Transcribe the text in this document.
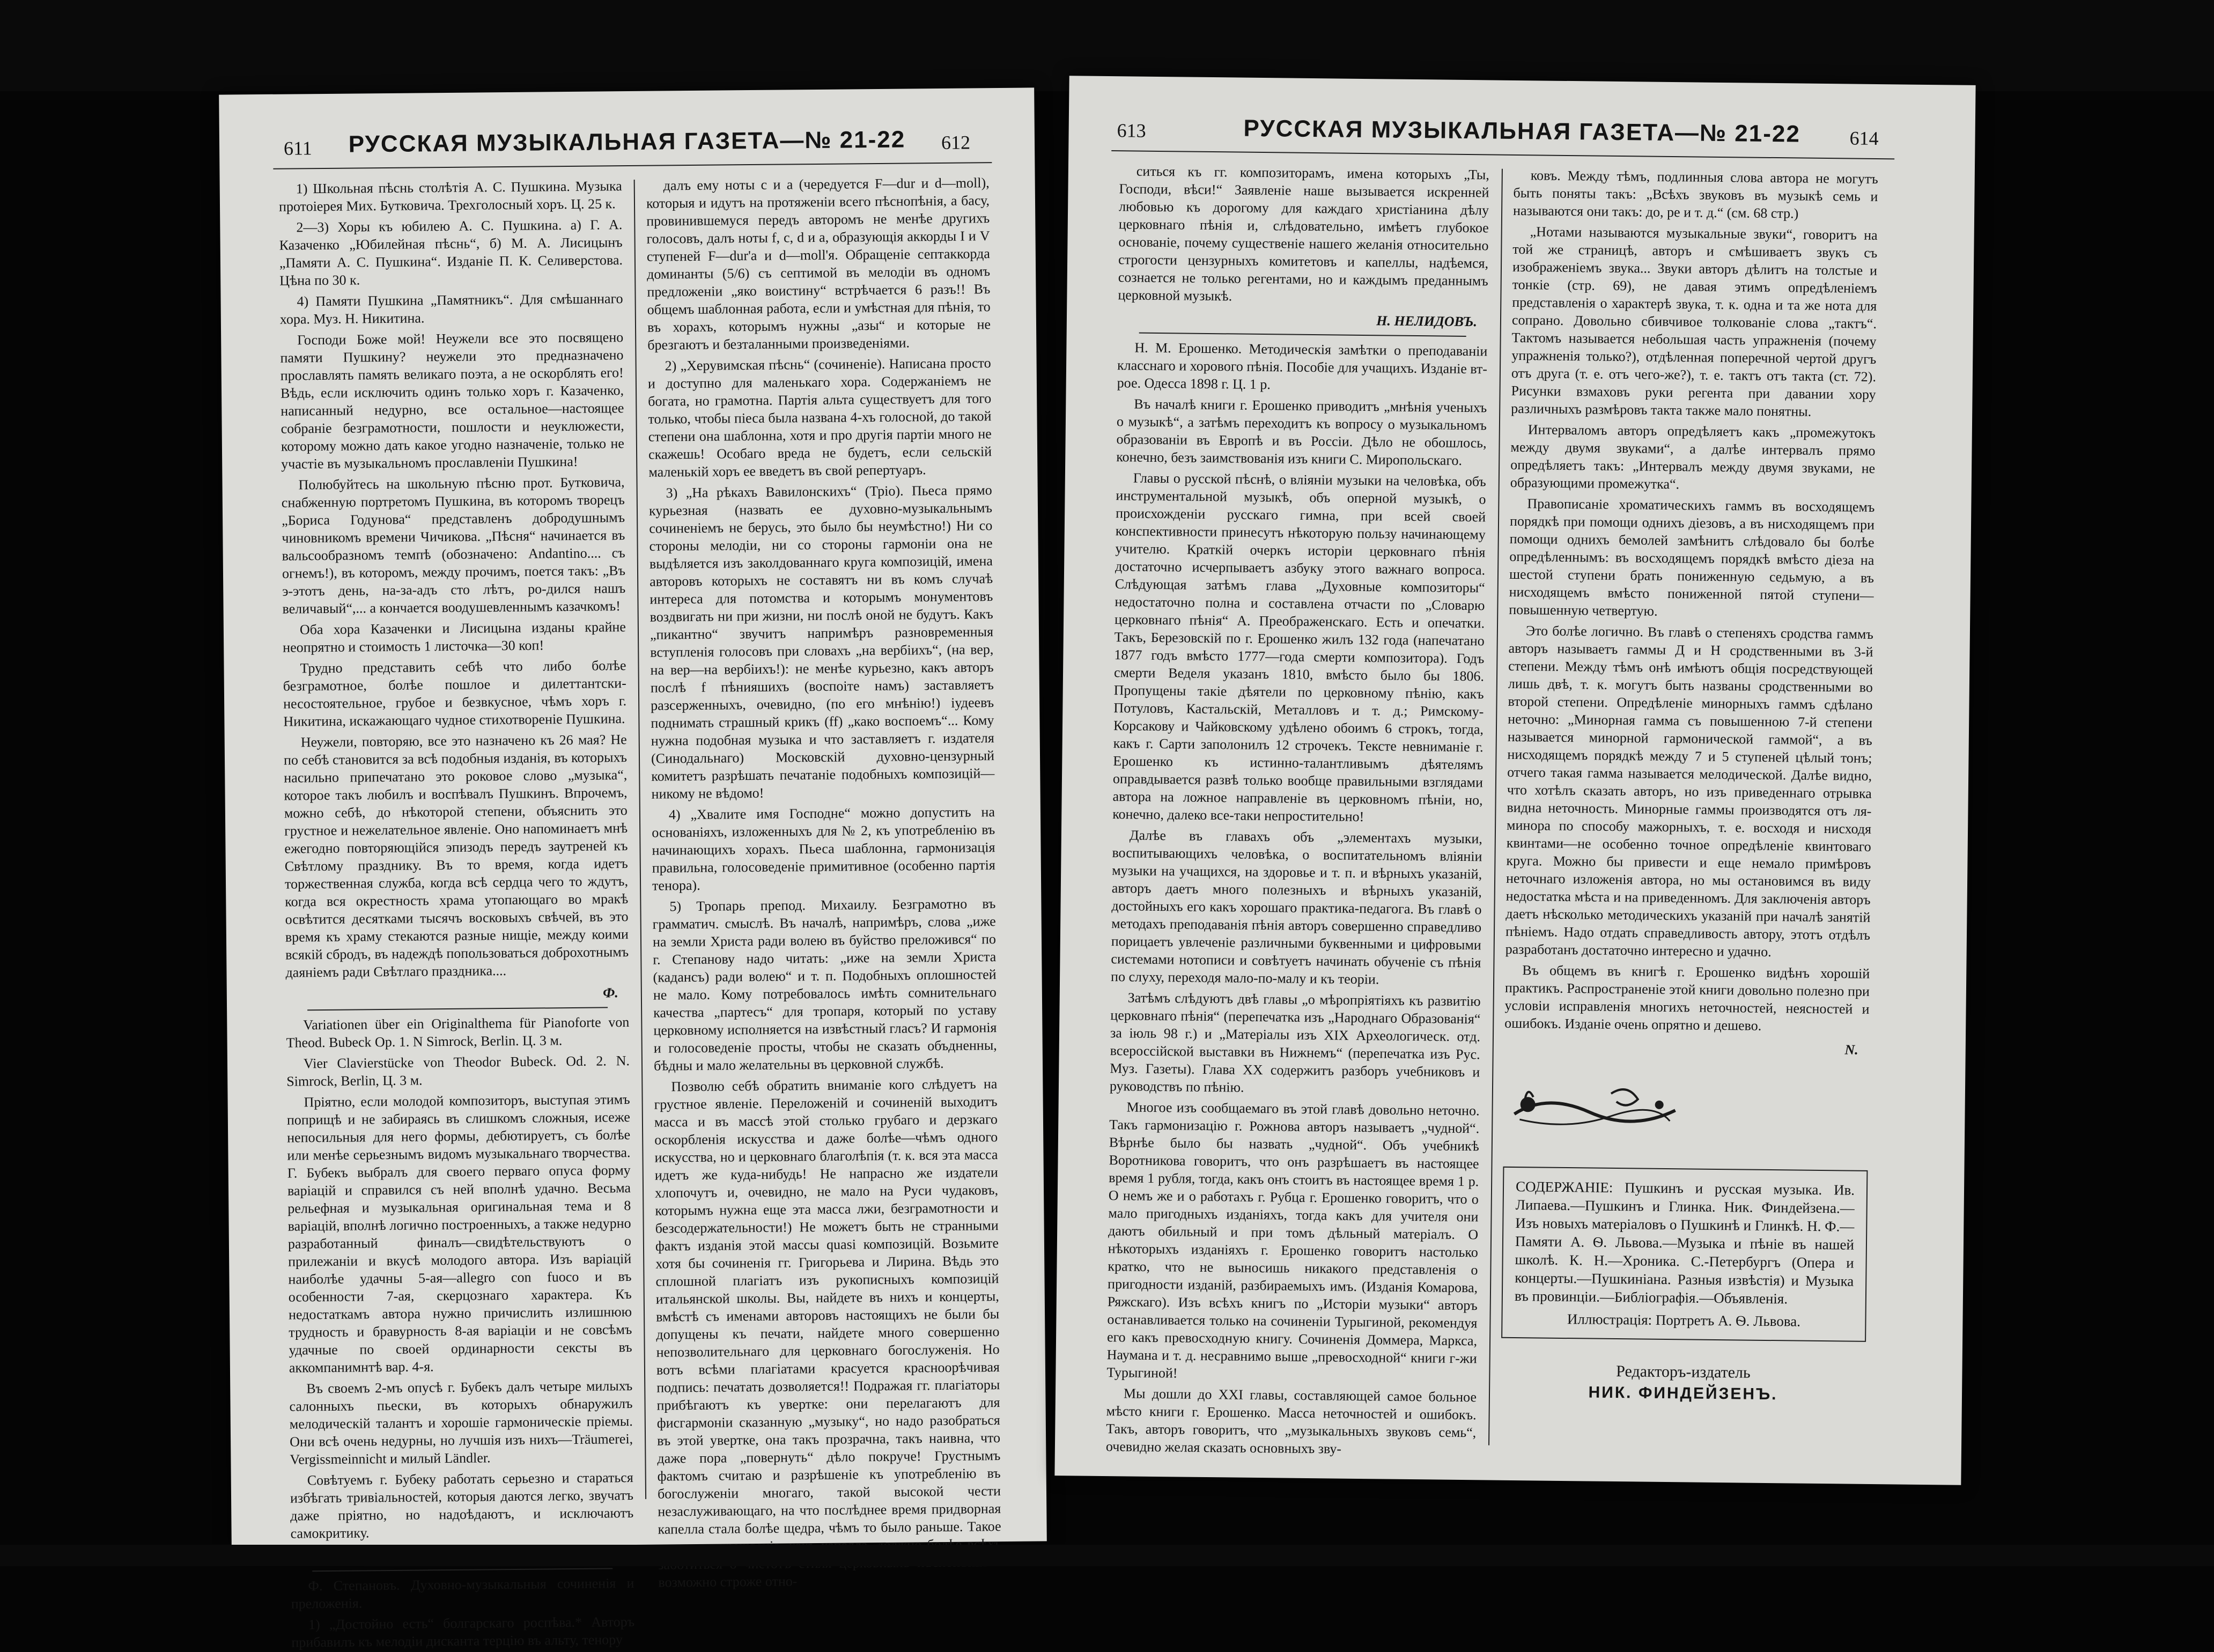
611	РУССКАЯ МУЗЫКАЛЬНАЯ ГАЗЕТА—№ 21-22	612

1) Школьная пѣснь столѣтія А. С. Пушкина. Музыка протоіерея Мих. Бутковича. Трехголосный хоръ. Ц. 25 к.

2—3) Хоры къ юбилею А. С. Пушкина. а) Г. А. Казаченко „Юбилейная пѣснь“, б) М. А. Лисицынъ „Памяти А. С. Пушкина“. Изданіе П. К. Селиверстова. Цѣна по 30 к.

4) Памяти Пушкина „Памятникъ“. Для смѣшаннаго хора. Муз. Н. Никитина.

Господи Боже мой! Неужели все это посвящено памяти Пушкину? неужели это предназначено прославлять память великаго поэта, а не оскорблять его! Вѣдь, если исключить одинъ только хоръ г. Казаченко, написанный недурно, все остальное—настоящее собраніе безграмотности, пошлости и неуклюжести, которому можно дать какое угодно назначеніе, только не участіе въ музыкальномъ прославленіи Пушкина!

Полюбуйтесь на школьную пѣсню прот. Бутковича, снабженную портретомъ Пушкина, въ которомъ творецъ „Бориса Годунова“ представленъ добродушнымъ чиновникомъ времени Чичикова. „Пѣсня“ начинается въ вальсообразномъ темпѣ (обозначено: Andantino.... съ огнемъ!), въ которомъ, между прочимъ, поется такъ: „Въ э-этотъ день, на-за-адъ сто лѣтъ, ро-дился нашъ величавый“,... а кончается воодушевленнымъ казачкомъ!

Оба хора Казаченки и Лисицына изданы крайне неопрятно и стоимость 1 листочка—30 коп!

Трудно представить себѣ что либо болѣе безграмотное, болѣе пошлое и дилеттантски-несостоятельное, грубое и безвкусное, чѣмъ хоръ г. Никитина, искажающаго чудное стихотвореніе Пушкина.

Неужели, повторяю, все это назначено къ 26 мая? Не по себѣ становится за всѣ подобныя изданія, въ которыхъ насильно припечатано это роковое слово „музыка“, которое такъ любилъ и воспѣвалъ Пушкинъ. Впрочемъ, можно себѣ, до нѣкоторой степени, объяснить это грустное и нежелательное явленіе. Оно напоминаетъ мнѣ ежегодно повторяющійся эпизодъ передъ заутреней къ Свѣтлому празднику. Въ то время, когда идетъ торжественная служба, когда всѣ сердца чего то ждутъ, когда вся окрестность храма утопающаго во мракѣ освѣтится десятками тысячъ восковыхъ свѣчей, въ это время къ храму стекаются разные нищіе, между коими всякій сбродъ, въ надеждѣ попользоваться доброхотнымъ даяніемъ ради Свѣтлаго праздника....

Ф.

Variationen über ein Originalthema für Pianoforte von Theod. Bubeck Op. 1. N Simrock, Berlin. Ц. 3 м.

Vier Clavierstücke von Theodor Bubeck. Od. 2. N. Simrock, Berlin, Ц. 3 м.

Пріятно, если молодой композиторъ, выступая этимъ поприщѣ и не забираясь въ слишкомъ сложныя, исеже непосильныя для него формы, дебютируетъ, съ болѣе или менѣе серьезнымъ видомъ музыкальнаго творчества. Г. Бубекъ выбралъ для своего перваго опуса форму варіацій и справился съ ней вполнѣ удачно. Весьма рельефная и музыкальная оригинальная тема и 8 варіацій, вполнѣ логично построенныхъ, а также недурно разработанный финалъ—свидѣтельствуютъ о прилежаніи и вкусѣ молодого автора. Изъ варіацій наиболѣе удачны 5-ая—allegro con fuoco и въ особенности 7-ая, скерцознаго характера. Къ недостаткамъ автора нужно причислить излишнюю трудность и бравурность 8-ая варіаціи и не совсѣмъ удачные по своей ординарности сексты въ аккомпанимнтѣ вар. 4-я.

Въ своемъ 2-мъ опусѣ г. Бубекъ далъ четыре милыхъ салонныхъ пьески, въ которыхъ обнаружилъ мелодическій талантъ и хорошіе гармоническіе пріемы. Они всѣ очень недурны, но лучшія изъ нихъ—Träumerei, Vergissmeinnicht и милый Ländler.

Совѣтуемъ г. Бубеку работать серьезно и стараться избѣгать тривіальностей, которыя даются легко, звучатъ даже пріятно, но надоѣдаютъ, и исключаютъ самокритику.

Ф. Степановъ. Духовно-музыкальныя сочиненія и преложенія.

1) „Достойно есть“ болгарскаго роспѣва.* Авторъ прибавилъ къ мелодіи дисканта терцію въ альту, тенору

далъ ему ноты с и а (чередуется F—dur и d—moll), которыя и идутъ на протяженіи всего пѣснопѣнія, а басу, провинившемуся передъ авторомъ не менѣе другихъ голосовъ, далъ ноты f, c, d и а, образующія аккорды I и V ступеней F—dur'a и d—moll'я. Обращеніе септаккорда доминанты (5/6) съ септимой въ мелодіи въ одномъ предложеніи „яко воистину“ встрѣчается 6 разъ!! Въ общемъ шаблонная работа, если и умѣстная для пѣнія, то въ хорахъ, которымъ нужны „азы“ и которые не брезгаютъ и безталанными произведеніями.

2) „Херувимская пѣснь“ (сочиненіе). Написана просто и доступно для маленькаго хора. Содержаніемъ не богата, но грамотна. Партія альта существуетъ для того только, чтобы піеса была названа 4-хъ голосной, до такой степени она шаблонна, хотя и про другія партіи много не скажешь! Особаго вреда не будетъ, если сельскій маленькій хоръ ее введетъ въ свой репертуаръ.

3) „На рѣкахъ Вавилонскихъ“ (Тріо). Пьеса прямо курьезная (назвать ее духовно-музыкальнымъ сочиненіемъ не берусь, это было бы неумѣстно!) Ни со стороны мелодіи, ни со стороны гармоніи она не выдѣляется изъ заколдованнаго круга композицій, имена авторовъ которыхъ не составятъ ни въ комъ случаѣ интереса для потомства и которымъ монументовъ воздвигать ни при жизни, ни послѣ оной не будутъ. Какъ „пикантно“ звучитъ напримѣръ разновременныя вступленія голосовъ при словахъ „на вербіихъ“, (на вер, на вер—на вербіихъ!): не менѣе курьезно, какъ авторъ послѣ f пѣнияшихъ (воспоіте намъ) заставляетъ разсерженныхъ, очевидно, (по его мнѣнію!) іудеевъ поднимать страшный крикъ (ff) „како воспоемъ“... Кому нужна подобная музыка и что заставляетъ г. издателя (Синодальнаго) Московскій духовно-цензурный комитетъ разрѣшать печатаніе подобныхъ композицій—никому не вѣдомо!

4) „Хвалите имя Господне“ можно допустить на основаніяхъ, изложенныхъ для № 2, къ употребленію въ начинающихъ хорахъ. Пьеса шаблонна, гармонизація правильна, голосоведеніе примитивное (особенно партія тенора).

5) Тропарь препод. Михаилу. Безграмотно въ грамматич. смыслѣ. Въ началѣ, напримѣръ, слова „иже на земли Христа ради волею въ буйство преложився“ по г. Степанову надо читать: „иже на земли Христа (кадансъ) ради волею“ и т. п. Подобныхъ оплошностей не мало. Кому потребовалось имѣть сомнительнаго качества „партесъ“ для тропаря, который по уставу церковному исполняется на извѣстный гласъ? И гармонія и голосоведеніе просты, чтобы не сказать объдненны, бѣдны и мало желательны въ церковной службѣ.

Позволю себѣ обратить вниманіе кого слѣдуетъ на грустное явленіе. Переложеній и сочиненій выходитъ масса и въ массѣ этой столько грубаго и дерзкаго оскорбленія искусства и даже болѣе—чѣмъ одного искусства, но и церковнаго благолѣпія (т. к. вся эта масса идетъ же куда-нибудь! Не напрасно же издатели хлопочутъ и, очевидно, не мало на Руси чудаковъ, которымъ нужна еще эта масса лжи, безграмотности и безсодержательности!) Не можетъ быть не странными фактъ изданія этой массы quasi композицій. Возьмите хотя бы сочиненія гг. Григорьева и Лирина. Вѣдь это сплошной плагіатъ изъ рукописныхъ композицій итальянской школы. Вы, найдете въ нихъ и концерты, вмѣстѣ съ именами авторовъ настоящихъ не были бы допущены къ печати, найдете много совершенно непозволительнаго для церковнаго богослуженія. Но вотъ всѣми плагіатами красуется красноорѣчивая подпись: печатать дозволяется!! Подражая гг. плагіаторы прибѣгаютъ къ увертке: они перелагаютъ для фисгармоніи сказанную „музыку“, но надо разобраться въ этой увертке, она такъ прозрачна, такъ наивна, что даже пора „повернуть“ дѣло покруче! Грустнымъ фактомъ считаю и разрѣшеніе къ употребленію въ богослуженіи многаго, такой высокой чести незаслуживающаго, на что послѣднее время придворная капелла стала болѣе щедра, чѣмъ то было раньше. Такое всѣхъ возможно строже отно-

613	РУССКАЯ МУЗЫКАЛЬНАЯ ГАЗЕТА—№ 21-22	614

ситься къ гг. композиторамъ, имена которыхъ „Ты, Господи, вѣси!“ Заявленіе наше вызывается искренней любовью къ дорогому для каждаго христіанина дѣлу церковнаго пѣнія и, слѣдовательно, имѣетъ глубокое основаніе, почему существеніе нашего желанія относительно строгости цензурныхъ комитетовъ и капеллы, надѣемся, сознается не только регентами, но и каждымъ преданнымъ церковной музыкѣ.

Н. НЕЛИДОВЪ.

Н. М. Ерошенко. Методическія замѣтки о преподаваніи класснаго и хорового пѣнія. Пособіе для учащихъ. Изданіе вт-рое. Одесса 1898 г. Ц. 1 р.

Въ началѣ книги г. Ерошенко приводитъ „мнѣнія ученыхъ о музыкѣ“, а затѣмъ переходитъ къ вопросу о музыкальномъ образованіи въ Европѣ и въ Россіи. Дѣло не обошлось, конечно, безъ заимствованія изъ книги С. Миропольскаго.

Главы о русской пѣснѣ, о вліяніи музыки на человѣка, объ инструментальной музыкѣ, объ оперной музыкѣ, о происхожденіи русскаго гимна, при всей своей конспективности принесутъ нѣкоторую пользу начинающему учителю. Краткій очеркъ исторіи церковнаго пѣнія достаточно исчерпываетъ азбуку этого важнаго вопроса. Слѣдующая затѣмъ глава „Духовные композиторы“ недостаточно полна и составлена отчасти по „Словарю церковнаго пѣнія“ А. Преображенскаго. Есть и опечатки. Такъ, Березовскій по г. Ерошенко жилъ 132 года (напечатано 1877 годъ вмѣсто 1777—года смерти композитора). Годъ смерти Веделя указанъ 1810, вмѣсто было бы 1806. Пропущены такіе дѣятели по церковному пѣнію, какъ Потуловъ, Кастальскій, Металловъ и т. д.; Римскому-Корсакову и Чайковскому удѣлено обоимъ 6 строкъ, тогда, какъ г. Сарти заполонилъ 12 строчекъ. Тексте невниманіе г. Ерошенко къ истинно-талантливымъ дѣятелямъ оправдывается развѣ только вообще правильными взглядами автора на ложное направленіе въ церковномъ пѣніи, но, конечно, далеко все-таки непростительно!

Далѣе въ главахъ объ „элементахъ музыки, воспитывающихъ человѣка, о воспитательномъ вліяніи музыки на учащихся, на здоровье и т. п. и вѣрныхъ указаній, авторъ даетъ много полезныхъ и вѣрныхъ указаній, достойныхъ его какъ хорошаго практика-педагога. Въ главѣ о методахъ преподаванія пѣнія авторъ совершенно справедливо порицаетъ увлеченіе различными буквенными и цифровыми системами нотописи и совѣтуетъ начинать обученіе съ пѣнія по слуху, переходя мало-по-малу и къ теоріи.

Затѣмъ слѣдуютъ двѣ главы „о мѣропріятіяхъ къ развитію церковнаго пѣнія“ (перепечатка изъ „Народнаго Образованія“ за іюль 98 г.) и „Матеріалы изъ XIX Археологическ. отд. всероссійской выставки въ Нижнемъ“ (перепечатка изъ Рус. Муз. Газеты). Глава XX содержитъ разборъ учебниковъ и руководствъ по пѣнію.

Многое изъ сообщаемаго въ этой главѣ довольно неточно. Такъ гармонизацію г. Рожнова авторъ называетъ „чудной“. Вѣрнѣе было бы назвать „чудной“. Объ учебникѣ Воротникова говоритъ, что онъ разрѣшаетъ въ настоящее время 1 рубля, тогда, какъ онъ стоитъ въ настоящее время 1 р. О немъ же и о работахъ г. Рубца г. Ерошенко говоритъ, что о мало пригодныхъ изданіяхъ, тогда какъ для учителя они даютъ обильный и при томъ дѣльный матеріалъ. О нѣкоторыхъ изданіяхъ г. Ерошенко говоритъ настолько кратко, что не выносишь никакого представленія о пригодности изданій, разбираемыхъ имъ. (Изданія Комарова, Ряжскаго). Изъ всѣхъ книгъ по „Исторіи музыки“ авторъ останавливается только на сочиненіи Турыгиной, рекомендуя его какъ превосходную книгу. Сочиненія Доммера, Маркса, Наумана и т. д. несравнимо выше „превосходной“ книги г-жи Турыгиной!

Мы дошли до XXI главы, составляющей самое больное мѣсто книги г. Ерошенко. Масса неточностей и ошибокъ. Такъ, авторъ говоритъ, что „музыкальныхъ звуковъ семь“, очевидно желая сказать основныхъ зву-

ковъ. Между тѣмъ, подлинныя слова автора не могутъ быть поняты такъ: „Всѣхъ звуковъ въ музыкѣ семь и называются они такъ: до, ре и т. д.“ (см. 68 стр.)

„Нотами называются музыкальные звуки“, говоритъ на той же страницѣ, авторъ и смѣшиваетъ звукъ съ изображеніемъ звука... Звуки авторъ дѣлитъ на толстые и тонкіе (стр. 69), не давая этимъ опредѣленіемъ представленія о характерѣ звука, т. к. одна и та же нота для сопрано. Довольно сбивчивое толкованіе слова „тактъ“. Тактомъ называется небольшая часть упражненія (почему упражненія только?), отдѣленная поперечной чертой другъ отъ друга (т. е. отъ чего-же?), т. е. тактъ отъ такта (ст. 72). Рисунки взмаховъ руки регента при давании хору различныхъ размѣровъ такта также мало понятны.

Интерваломъ авторъ опредѣляетъ какъ „промежутокъ между двумя звуками“, а далѣе интервалъ прямо опредѣляетъ такъ: „Интервалъ между двумя звуками, не образующими промежутка“.

Правописаніе хроматическихъ гаммъ въ восходящемъ порядкѣ при помощи однихъ діезовъ, а въ нисходящемъ при помощи однихъ бемолей замѣнитъ слѣдовало бы болѣе опредѣленнымъ: въ восходящемъ порядкѣ вмѣсто діеза на шестой ступени брать пониженную седьмую, а въ нисходящемъ вмѣсто пониженной пятой ступени—повышенную четвертую.

Это болѣе логично. Въ главѣ о степеняхъ сродства гаммъ авторъ называетъ гаммы Д и Н сродственными въ 3-й степени. Между тѣмъ онѣ имѣютъ общія посредствующей лишь двѣ, т. к. могутъ быть названы сродственными во второй степени. Опредѣленіе минорныхъ гаммъ сдѣлано неточно: „Минорная гамма съ повышенною 7-й степени называется минорной гармонической гаммой“, а въ нисходящемъ порядкѣ между 7 и 5 ступеней цѣлый тонъ; отчего такая гамма называется мелодической. Далѣе видно, что хотѣлъ сказать авторъ, но изъ приведеннаго отрывка видна неточность. Минорные гаммы производятся отъ ля-минора по способу мажорныхъ, т. е. восходя и нисходя квинтами—не особенно точное опредѣленіе квинтоваго круга. Можно бы привести и еще немало примѣровъ неточнаго изложенія автора, но мы остановимся въ виду недостатка мѣста и на приведенномъ. Для заключенія авторъ даетъ нѣсколько методическихъ указаній при началѣ занятій пѣніемъ. Надо отдать справедливость автору, этотъ отдѣлъ разработанъ достаточно интересно и удачно.

Въ общемъ въ книгѣ г. Ерошенко видѣнъ хорошій практикъ. Распространеніе этой книги довольно полезно при условіи исправленія многихъ неточностей, неясностей и ошибокъ. Изданіе очень опрятно и дешево.

N.
СОДЕРЖАНІЕ: Пушкинъ и русская музыка. Ив. Липаева.—Пушкинъ и Глинка. Ник. Финдейзена.—Изъ новыхъ матеріаловъ о Пушкинѣ и Глинкѣ. Н. Ф.—Памяти А. Ѳ. Львова.—Музыка и пѣніе въ нашей школѣ. К. Н.—Хроника. С.-Петербургъ (Опера и концерты.—Пушкиніана. Разныя извѣстія) и Музыка въ провинціи.—Библіографія.—Объявленія.
Иллюстрація: Портретъ А. Ѳ. Львова.
Редакторъ-издатель
НИК. ФИНДЕЙЗЕНЪ.
